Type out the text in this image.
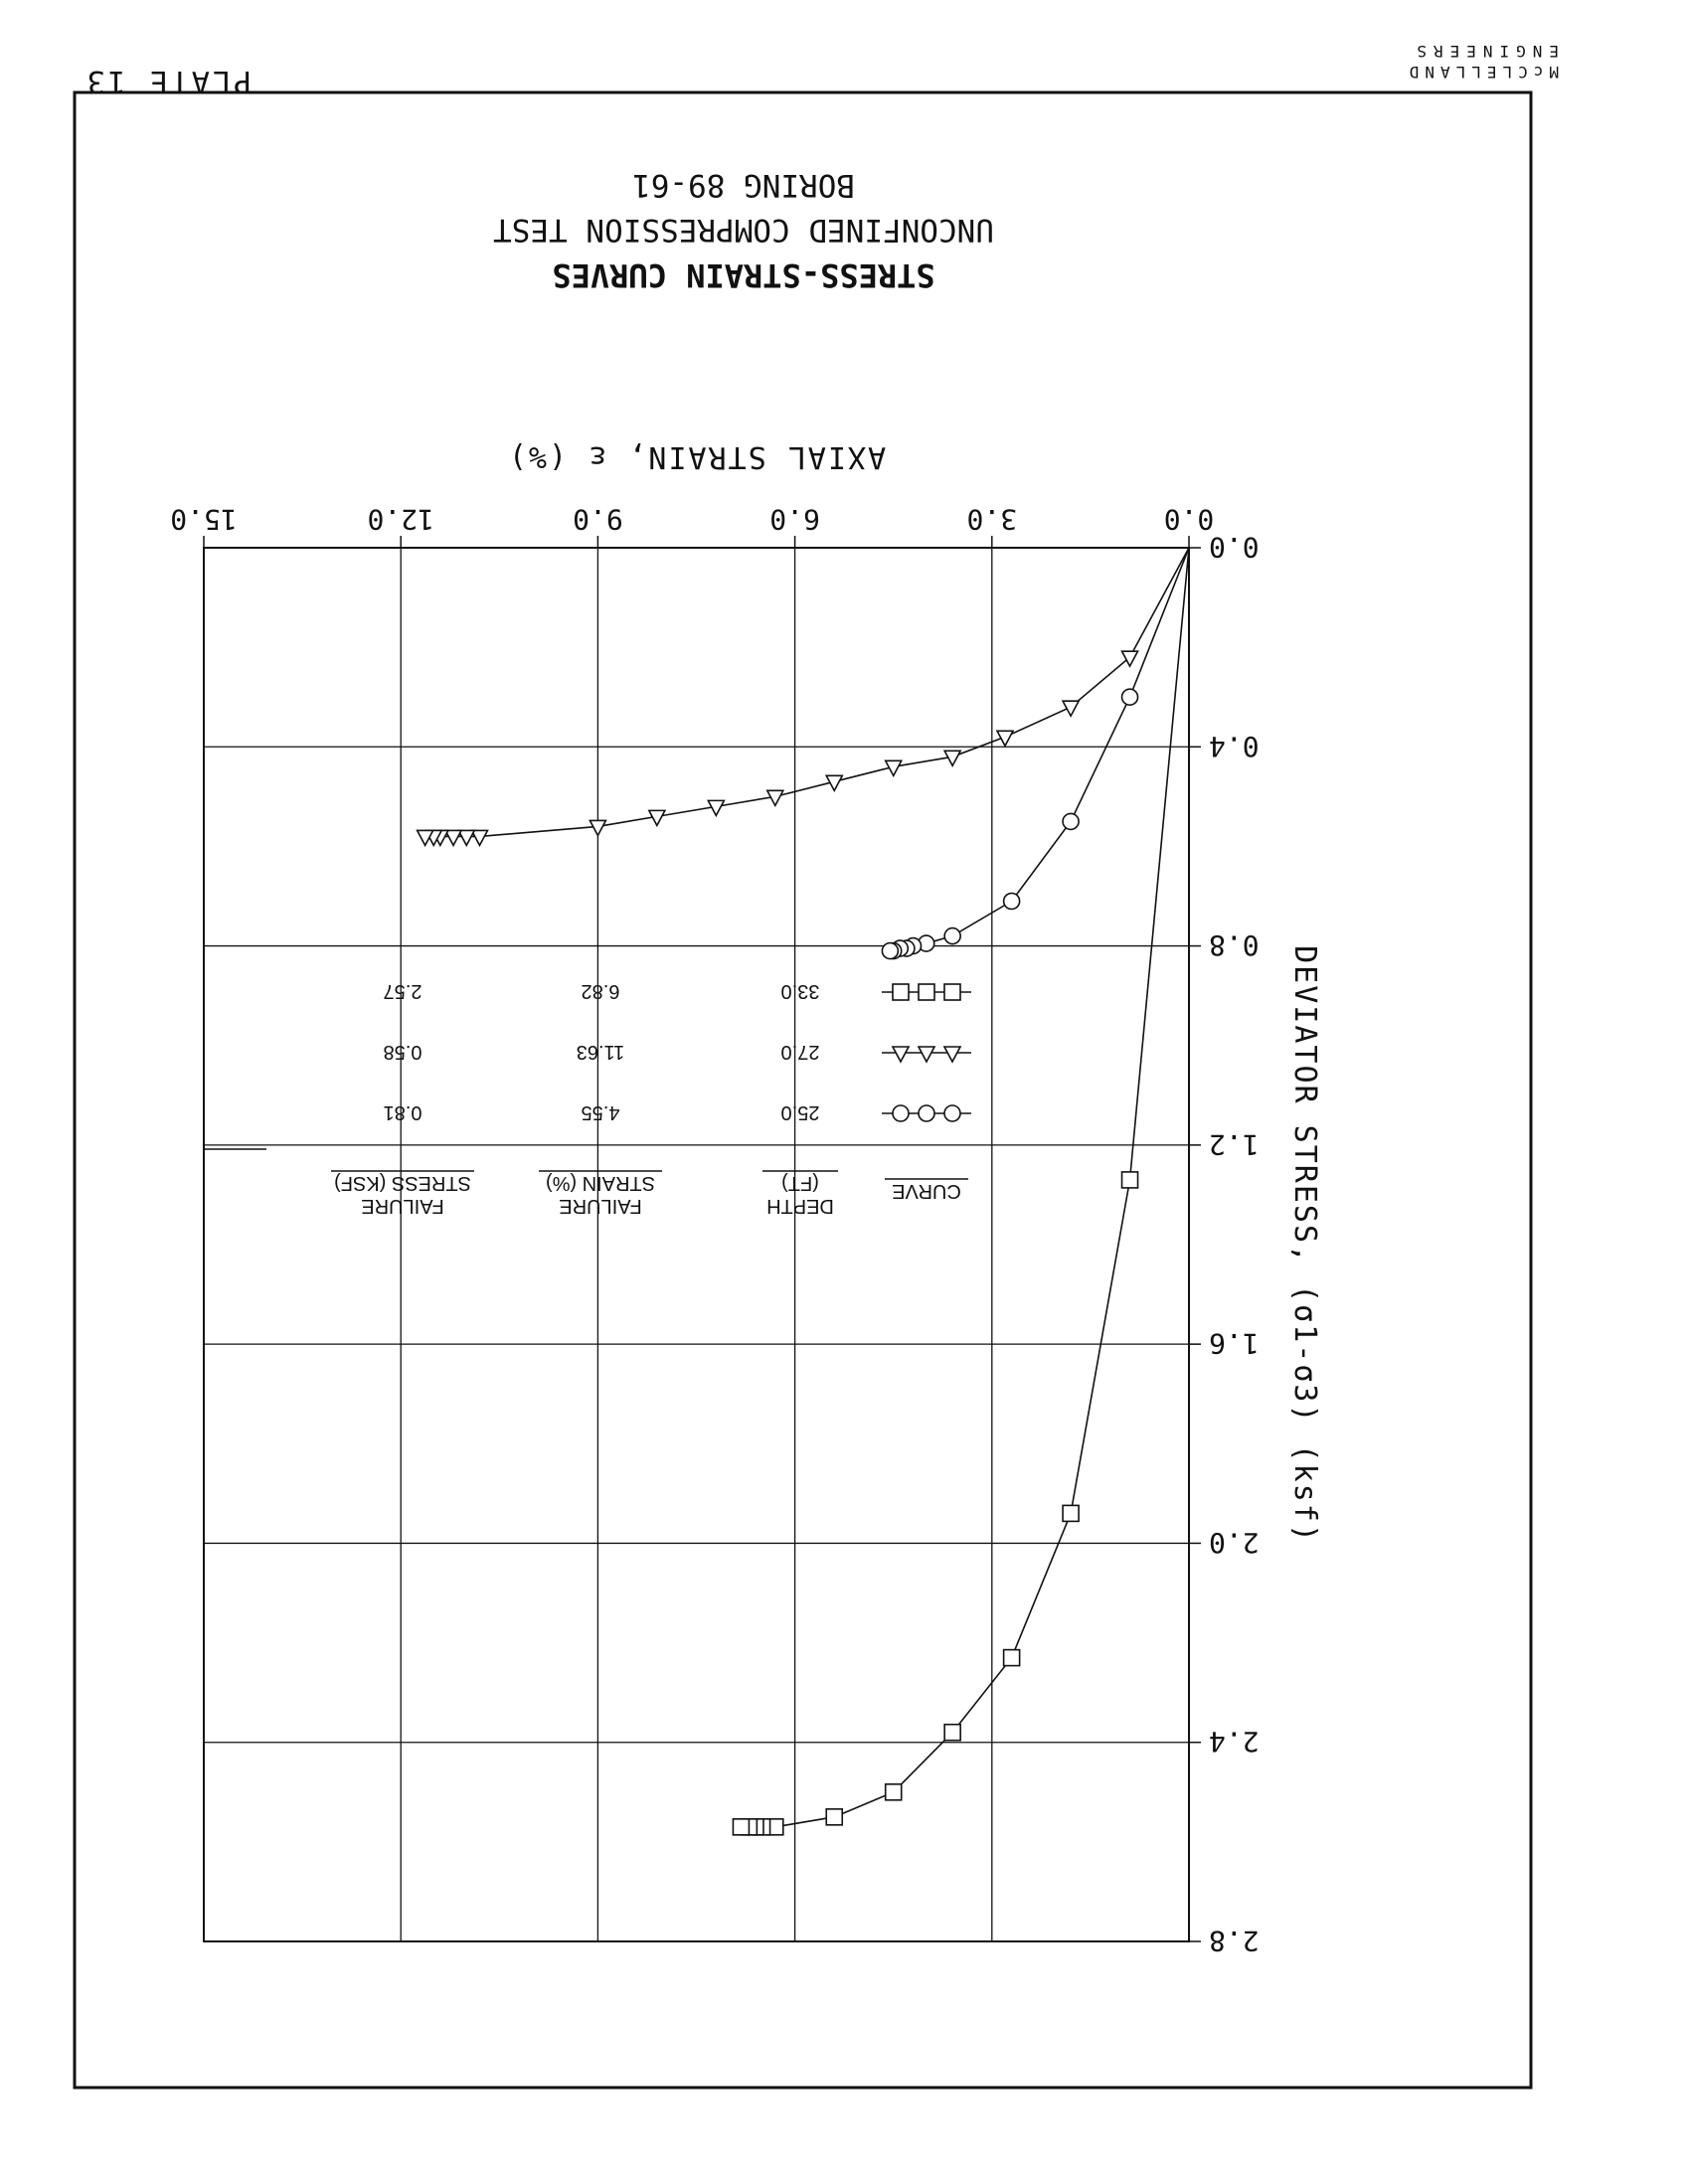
McCLELLAND
ENGINEERS
PLATE 13
STRESS-STRAIN CURVES
UNCONFINED COMPRESSION TEST
BORING 89-61
0.0
3.0
6.0
9.0
12.0
15.0
0.0
0.4
0.8
1.2
1.6
2.0
2.4
2.8
AXIAL STRAIN, ε (%)
DEVIATOR STRESS, (σ1-σ3) (ksf)
CURVE
DEPTH
(FT)
FAILURE
STRAIN (%)
FAILURE
STRESS (KSF)
25.0
4.55
0.81
27.0
11.63
0.58
33.0
6.82
2.57
